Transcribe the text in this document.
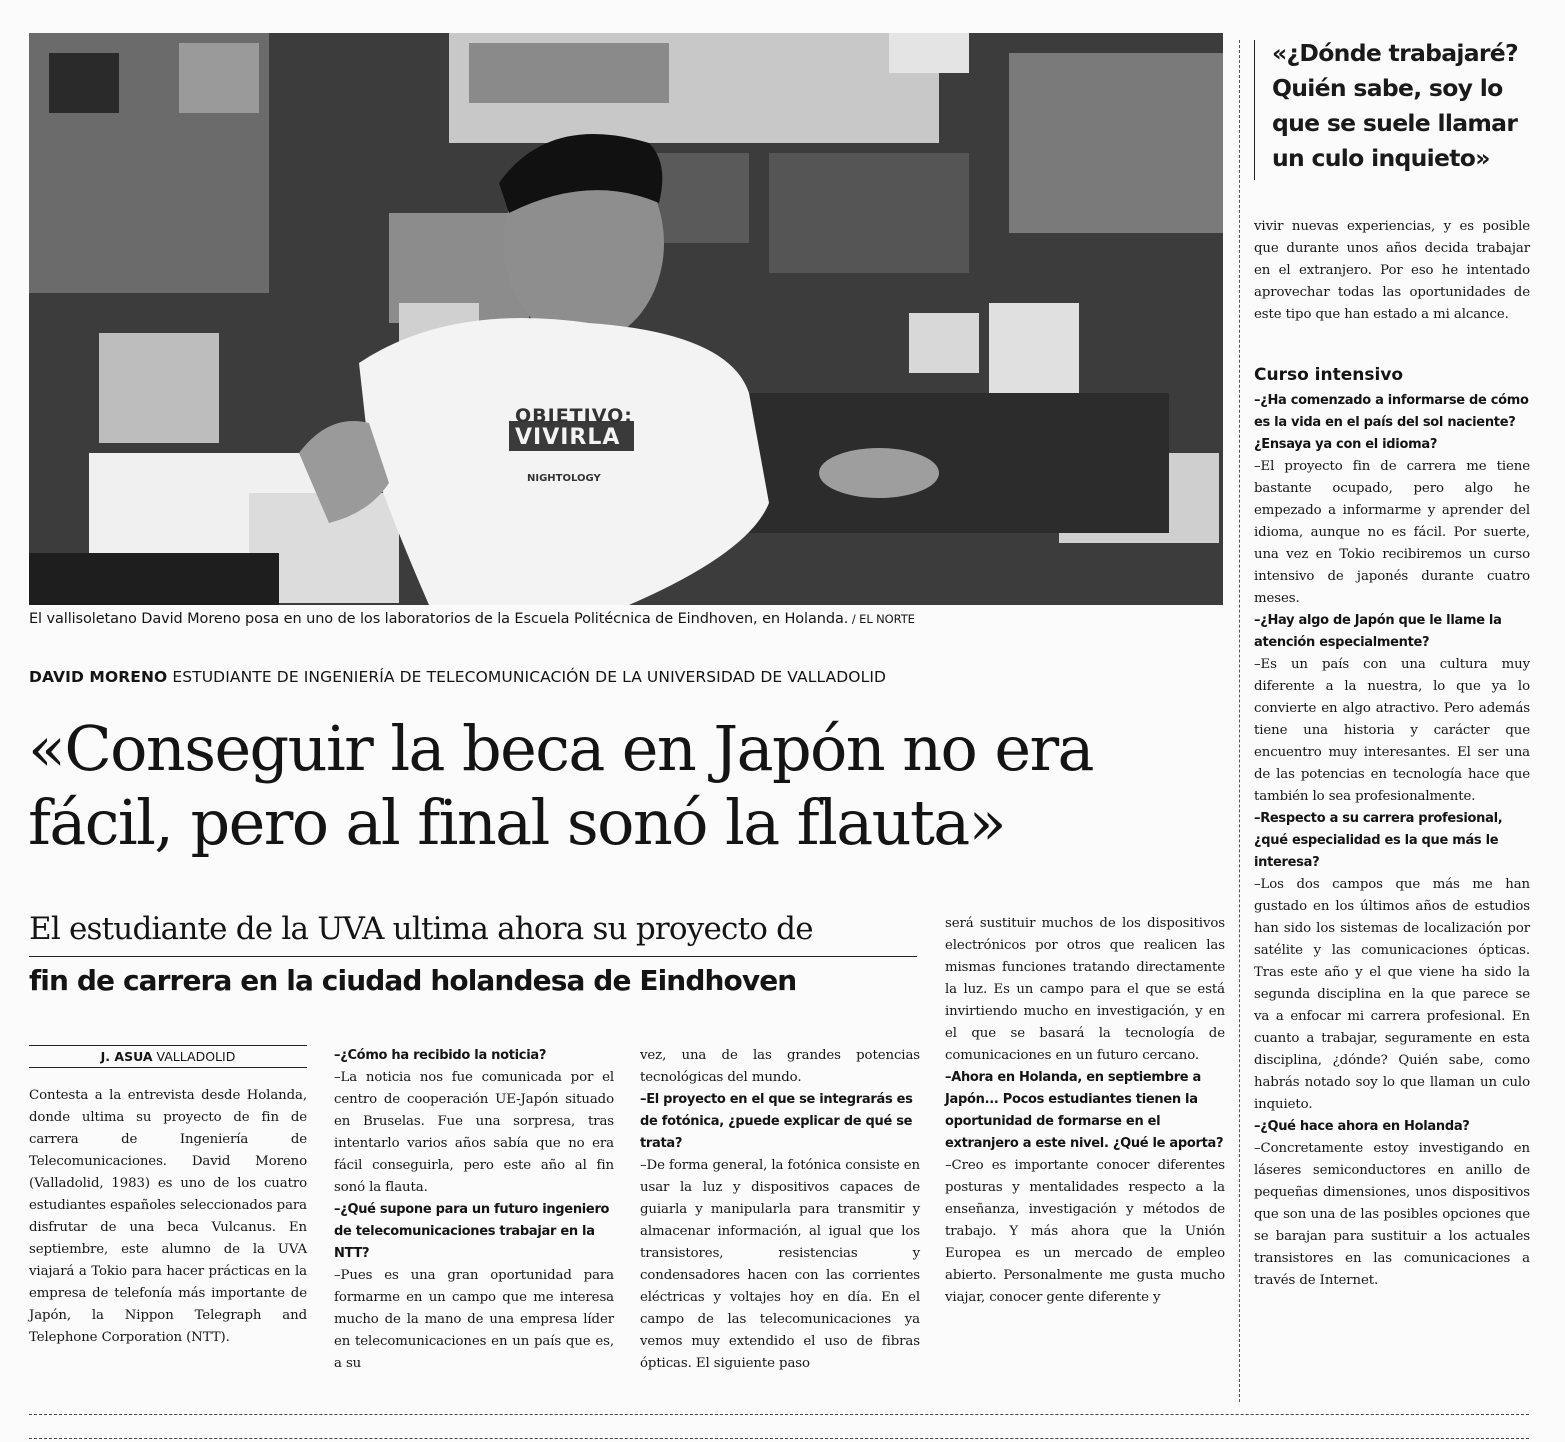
OBJETIVO:
VIVIRLA
NIGHTOLOGY
El vallisoletano David Moreno posa en uno de los laboratorios de la Escuela Politécnica de Eindhoven, en Holanda. / EL NORTE
DAVID MORENO ESTUDIANTE DE INGENIERÍA DE TELECOMUNICACIÓN DE LA UNIVERSIDAD DE VALLADOLID
«Conseguir la beca en Japón no era fácil, pero al final sonó la flauta»
El estudiante de la UVA ultima ahora su proyecto de
fin de carrera en la ciudad holandesa de Eindhoven
J. ASUA VALLADOLID

Contesta a la entrevista desde Holanda, donde ultima su proyecto de fin de carrera de Ingeniería de Telecomunicaciones. David Moreno (Valladolid, 1983) es uno de los cuatro estudiantes españoles seleccionados para disfrutar de una beca Vulcanus. En septiembre, este alumno de la UVA viajará a Tokio para hacer prácticas en la empresa de telefonía más importante de Japón, la Nippon Telegraph and Telephone Corporation (NTT).

–¿Cómo ha recibido la noticia?

–La noticia nos fue comunicada por el centro de cooperación UE-Japón situado en Bruselas. Fue una sorpresa, tras intentarlo varios años sabía que no era fácil conseguirla, pero este año al fin sonó la flauta.

–¿Qué supone para un futuro ingeniero de telecomunicaciones trabajar en la NTT?

–Pues es una gran oportunidad para formarme en un campo que me interesa mucho de la mano de una empresa líder en telecomunicaciones en un país que es, a su

vez, una de las grandes potencias tecnológicas del mundo.

–El proyecto en el que se integrarás es de fotónica, ¿puede explicar de qué se trata?

–De forma general, la fotónica consiste en usar la luz y dispositivos capaces de guiarla y manipularla para transmitir y almacenar información, al igual que los transistores, resistencias y condensadores hacen con las corrientes eléctricas y voltajes hoy en día. En el campo de las telecomunicaciones ya vemos muy extendido el uso de fibras ópticas. El siguiente paso

será sustituir muchos de los dispositivos electrónicos por otros que realicen las mismas funciones tratando directamente la luz. Es un campo para el que se está invirtiendo mucho en investigación, y en el que se basará la tecnología de comunicaciones en un futuro cercano.

–Ahora en Holanda, en septiembre a Japón... Pocos estudiantes tienen la oportunidad de formarse en el extranjero a este nivel. ¿Qué le aporta?

–Creo es importante conocer diferentes posturas y mentalidades respecto a la enseñanza, investigación y métodos de trabajo. Y más ahora que la Unión Europea es un mercado de empleo abierto. Personalmente me gusta mucho viajar, conocer gente diferente y

«¿Dónde trabajaré? Quién sabe, soy lo que se suele llamar un culo inquieto»

vivir nuevas experiencias, y es posible que durante unos años decida trabajar en el extranjero. Por eso he intentado aprovechar todas las oportunidades de este tipo que han estado a mi alcance.

Curso intensivo

–¿Ha comenzado a informarse de cómo es la vida en el país del sol naciente? ¿Ensaya ya con el idioma?

–El proyecto fin de carrera me tiene bastante ocupado, pero algo he empezado a informarme y aprender del idioma, aunque no es fácil. Por suerte, una vez en Tokio recibiremos un curso intensivo de japonés durante cuatro meses.

–¿Hay algo de Japón que le llame la atención especialmente?

–Es un país con una cultura muy diferente a la nuestra, lo que ya lo convierte en algo atractivo. Pero además tiene una historia y carácter que encuentro muy interesantes. El ser una de las potencias en tecnología hace que también lo sea profesionalmente.

–Respecto a su carrera profesional, ¿qué especialidad es la que más le interesa?

–Los dos campos que más me han gustado en los últimos años de estudios han sido los sistemas de localización por satélite y las comunicaciones ópticas. Tras este año y el que viene ha sido la segunda disciplina en la que parece se va a enfocar mi carrera profesional. En cuanto a trabajar, seguramente en esta disciplina, ¿dónde? Quién sabe, como habrás notado soy lo que llaman un culo inquieto.

–¿Qué hace ahora en Holanda?

–Concretamente estoy investigando en láseres semiconductores en anillo de pequeñas dimensiones, unos dispositivos que son una de las posibles opciones que se barajan para sustituir a los actuales transistores en las comunicaciones a través de Internet.
